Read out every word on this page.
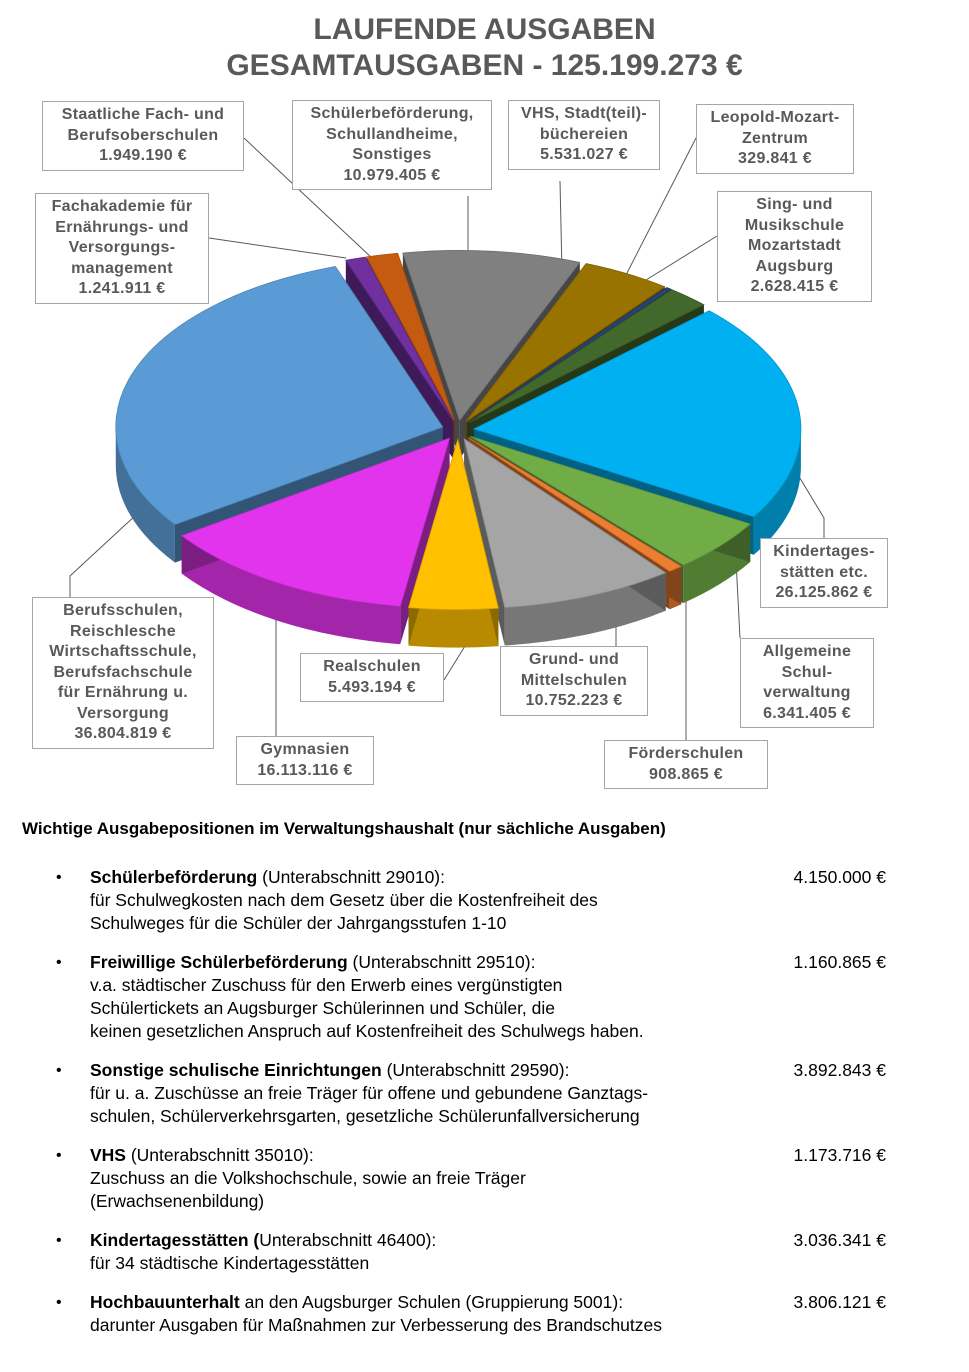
LAUFENDE AUSGABEN
GESAMTAUSGABEN - 125.199.273 €
Schülerbeförderung,
Schullandheime,
Sonstiges
10.979.405 €
VHS, Stadt(teil)-
büchereien
5.531.027 €
Leopold-Mozart-
Zentrum
329.841 €
Sing- und
Musikschule
Mozartstadt
Augsburg
2.628.415 €
Kindertages-
stätten etc.
26.125.862 €
Allgemeine
Schul-
verwaltung
6.341.405 €
Förderschulen
908.865 €
Grund- und
Mittelschulen
10.752.223 €
Realschulen
5.493.194 €
Gymnasien
16.113.116 €
Berufsschulen,
Reischlesche
Wirtschaftsschule,
Berufsfachschule
für Ernährung u.
Versorgung
36.804.819 €
Fachakademie für
Ernährungs- und
Versorgungs-
management
1.241.911 €
Staatliche Fach- und
Berufsoberschulen
1.949.190 €
Wichtige Ausgabepositionen im Verwaltungshaushalt (nur sächliche Ausgaben)
• Schülerbeförderung (Unterabschnitt 29010):
für Schulwegkosten nach dem Gesetz über die Kostenfreiheit des
Schulweges für die Schüler der Jahrgangsstufen 1-10
4.150.000 €
• Freiwillige Schülerbeförderung (Unterabschnitt 29510):
v.a. städtischer Zuschuss für den Erwerb eines vergünstigten
Schülertickets an Augsburger Schülerinnen und Schüler, die
keinen gesetzlichen Anspruch auf Kostenfreiheit des Schulwegs haben.
1.160.865 €
• Sonstige schulische Einrichtungen (Unterabschnitt 29590):
für u. a. Zuschüsse an freie Träger für offene und gebundene Ganztags-
schulen, Schülerverkehrsgarten, gesetzliche Schülerunfallversicherung
3.892.843 €
• VHS (Unterabschnitt 35010):
Zuschuss an die Volkshochschule, sowie an freie Träger
(Erwachsenenbildung)
1.173.716 €
• Kindertagesstätten (Unterabschnitt 46400):
für 34 städtische Kindertagesstätten
3.036.341 €
• Hochbauunterhalt an den Augsburger Schulen (Gruppierung 5001):
darunter Ausgaben für Maßnahmen zur Verbesserung des Brandschutzes
3.806.121 €
